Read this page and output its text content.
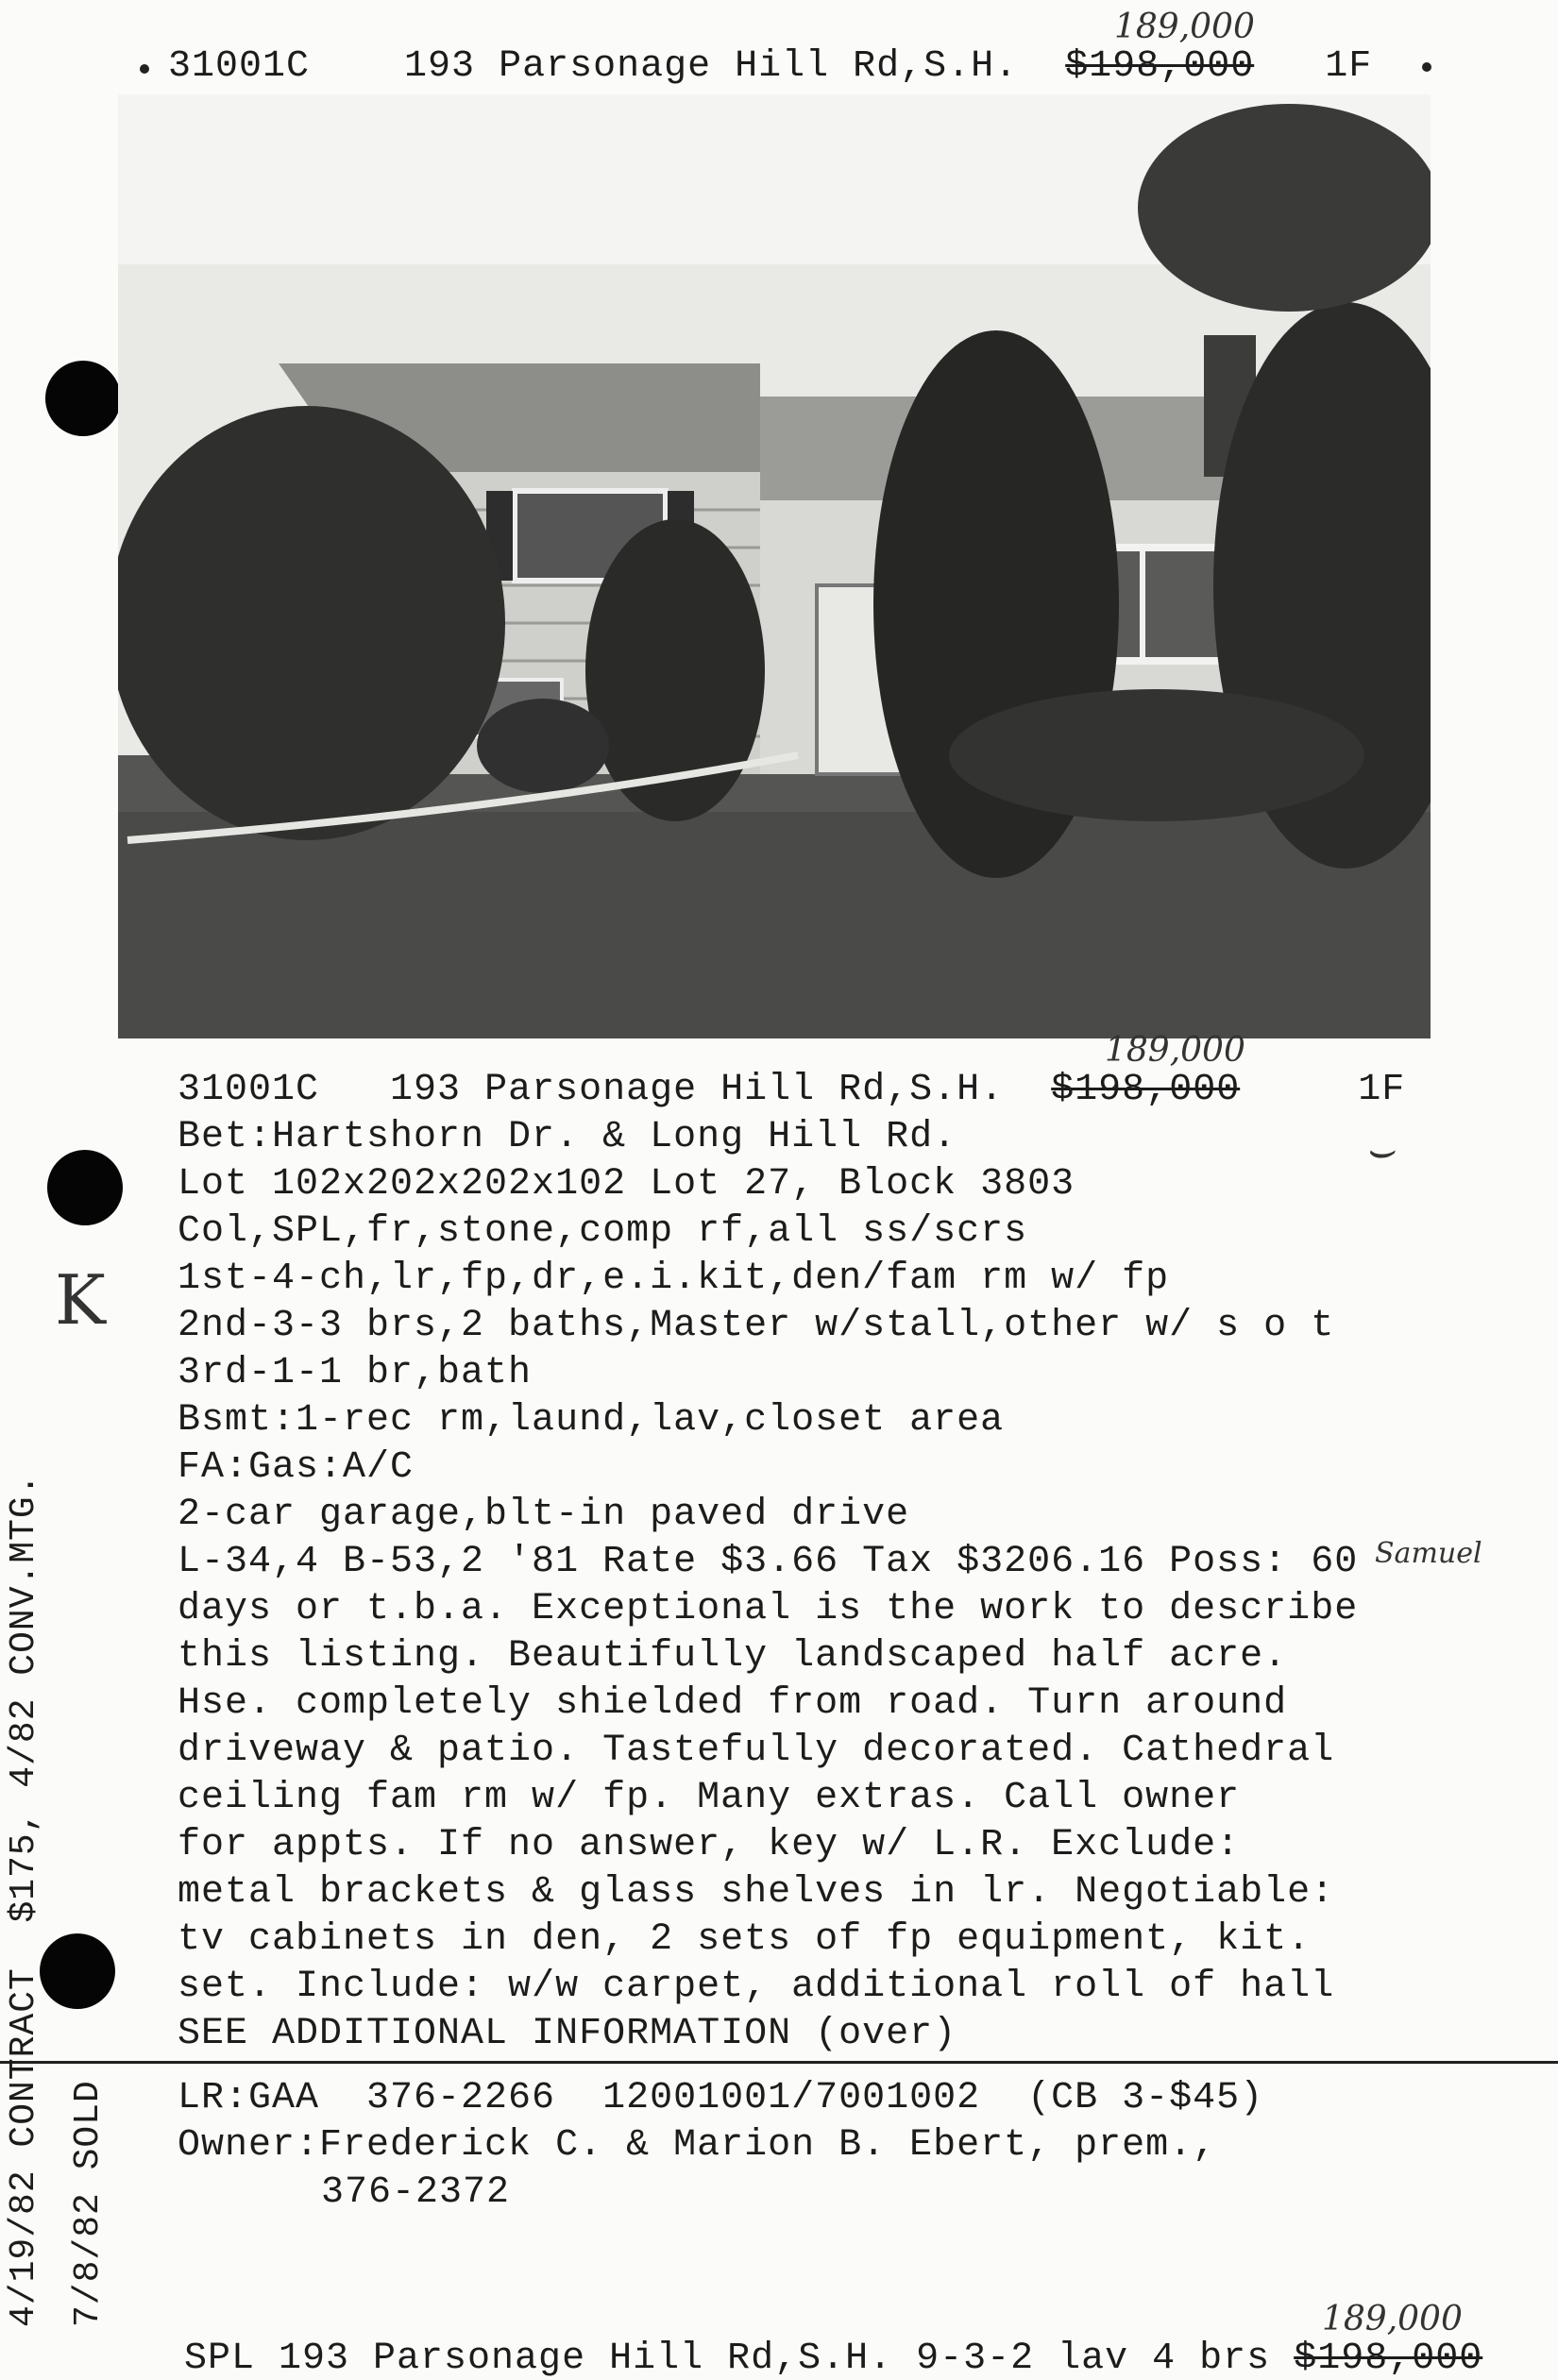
31001C	193 Parsonage Hill Rd,S.H. $198,000 1F
189,000
31001C 193 Parsonage Hill Rd,S.H. $198,000	1F
189,000
Bet:Hartshorn Dr. & Long Hill Rd.
Lot 102x202x202x102 Lot 27, Block 3803
Col,SPL,fr,stone,comp rf,all ss/scrs
1st-4-ch,lr,fp,dr,e.i.kit,den/fam rm w/ fp
2nd-3-3 brs,2 baths,Master w/stall,other w/ s o t
3rd-1-1 br,bath
Bsmt:1-rec rm,laund,lav,closet area
FA:Gas:A/C
2-car garage,blt-in paved drive
L-34,4 B-53,2 '81 Rate $3.66 Tax $3206.16 Poss: 60
days or t.b.a. Exceptional is the work to describe
this listing. Beautifully landscaped half acre.
Hse. completely shielded from road. Turn around
driveway & patio. Tastefully decorated. Cathedral
ceiling fam rm w/ fp. Many extras. Call owner
for appts. If no answer, key w/ L.R. Exclude:
metal brackets & glass shelves in lr. Negotiable:
tv cabinets in den, 2 sets of fp equipment, kit.
set. Include: w/w carpet, additional roll of hall
SEE ADDITIONAL INFORMATION (over)
LR:GAA  376-2266  12001001/7001002  (CB 3-$45)
Owner:Frederick C. & Marion B. Ebert, prem.,
376-2372
K
Samuel
⌣
4/19/82 CONTRACT  $175, 4/82 CONV.MTG. 7/8/82 SOLD
SPL 193 Parsonage Hill Rd,S.H. 9-3-2 lav 4 brs $198,000
189,000
